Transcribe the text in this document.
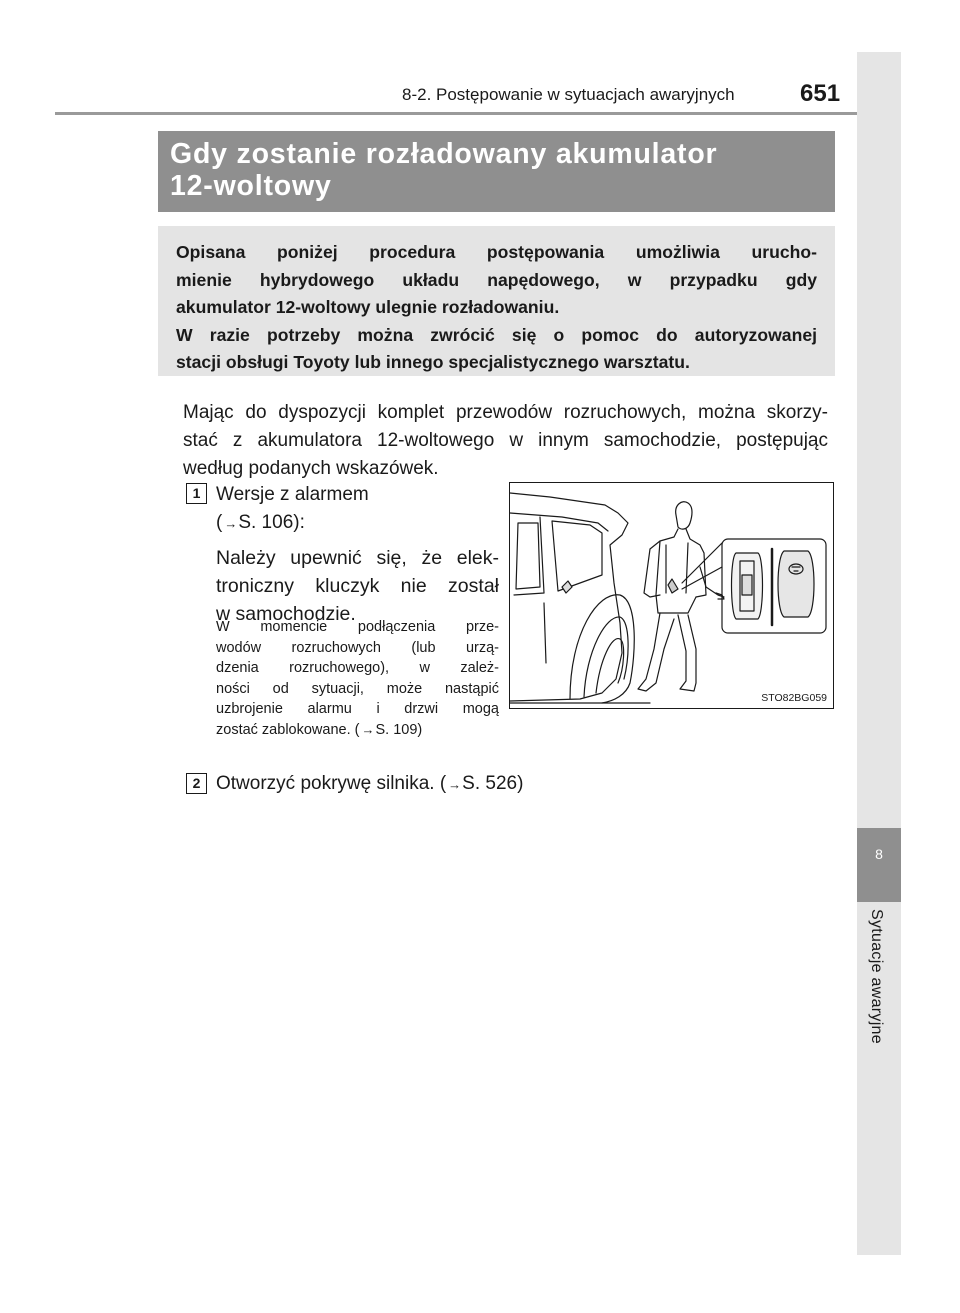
8
Sytuacje awaryjne
8-2. Postępowanie w sytuacjach awaryjnych	651
Gdy zostanie rozładowany akumulator
12-woltowy
Opisana poniżej procedura postępowania umożliwia urucho-
mienie hybrydowego układu napędowego, w przypadku gdy
akumulator 12-woltowy ulegnie rozładowaniu.
W razie potrzeby można zwrócić się o pomoc do autoryzowanej
stacji obsługi Toyoty lub innego specjalistycznego warsztatu.
Mając do dyspozycji komplet przewodów rozruchowych, można skorzy-
stać z akumulatora 12-woltowego w innym samochodzie, postępując
według podanych wskazówek.
1 Wersje z alarmem
( →S. 106):
Należy upewnić się, że elek-
troniczny kluczyk nie został
w samochodzie.
W momencie podłączenia prze-
wodów rozruchowych (lub urzą-
dzenia rozruchowego), w zależ-
ności od sytuacji, może nastąpić
uzbrojenie alarmu i drzwi mogą
zostać zablokowane. ( →S. 109)
STO82BG059
2 Otworzyć pokrywę silnika. ( →S. 526)
